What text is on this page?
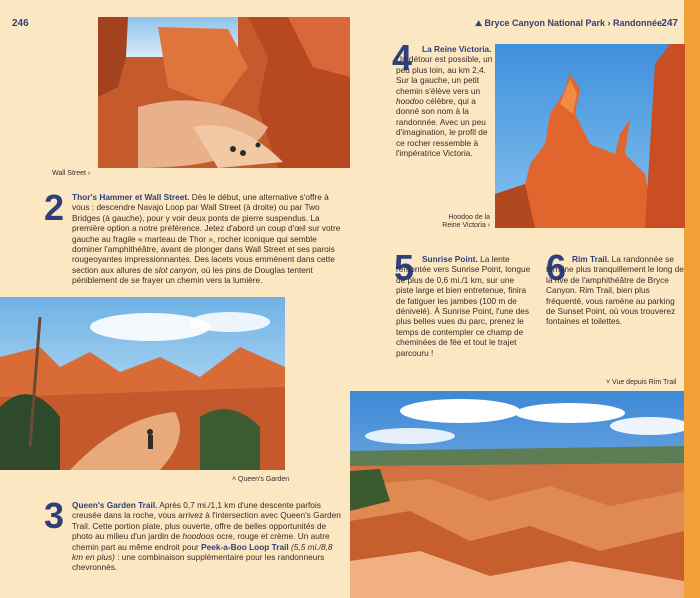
246
Wall Street ›
2 Thor's Hammer et Wall Street. Dès le début, une alternative s'offre à vous : descendre Navajo Loop par Wall Street (à droite) ou par Two Bridges (à gauche), pour y voir deux ponts de pierre suspendus. La première option a notre préférence. Jetez d'abord un coup d'œil sur votre gauche au fragile « marteau de Thor », rocher iconique qui semble dominer l'amphithéâtre, avant de plonger dans Wall Street et ses parois rougeoyantes impressionnantes. Des lacets vous emmènent dans cette section aux allures de slot canyon, où les pins de Douglas tentent péniblement de se frayer un chemin vers la lumière.
˄ Queen's Garden
3 Queen's Garden Trail. Après 0,7 mi./1,1 km d'une descente parfois creusée dans la roche, vous arrivez à l'intersection avec Queen's Garden Trail. Cette portion plate, plus ouverte, offre de belles opportunités de photo au milieu d'un jardin de hoodoos ocre, rouge et crème. Un autre chemin part au même endroit pour Peek-a-Boo Loop Trail (5,5 mi./8,8 km en plus) : une combinaison supplémentaire pour les randonneurs chevronnés.
⛰ Bryce Canyon National Park › Randonnée 247
4	La Reine Victoria. Un détour est possible, un peu plus loin, au km 2,4. Sur la gauche, un petit chemin s'élève vers un hoodoo célèbre, qui a donné son nom à la randonnée. Avec un peu d'imagination, le profil de ce rocher ressemble à l'impératrice Victoria.
Hoodoo de la Reine Victoria ›
5 Sunrise Point. La lente remontée vers Sunrise Point, longue de plus de 0,6 mi./1 km, sur une piste large et bien entretenue, finira de fatiguer les jambes (100 m de dénivelé). À Sunrise Point, l'une des plus belles vues du parc, prenez le temps de contempler ce champ de cheminées de fée et tout le trajet parcouru !
6 Rim Trail. La randonnée se termine plus tranquillement le long de la rive de l'amphithéâtre de Bryce Canyon. Rim Trail, bien plus fréquenté, vous ramène au parking de Sunset Point, où vous trouverez fontaines et toilettes.
˅ Vue depuis Rim Trail
